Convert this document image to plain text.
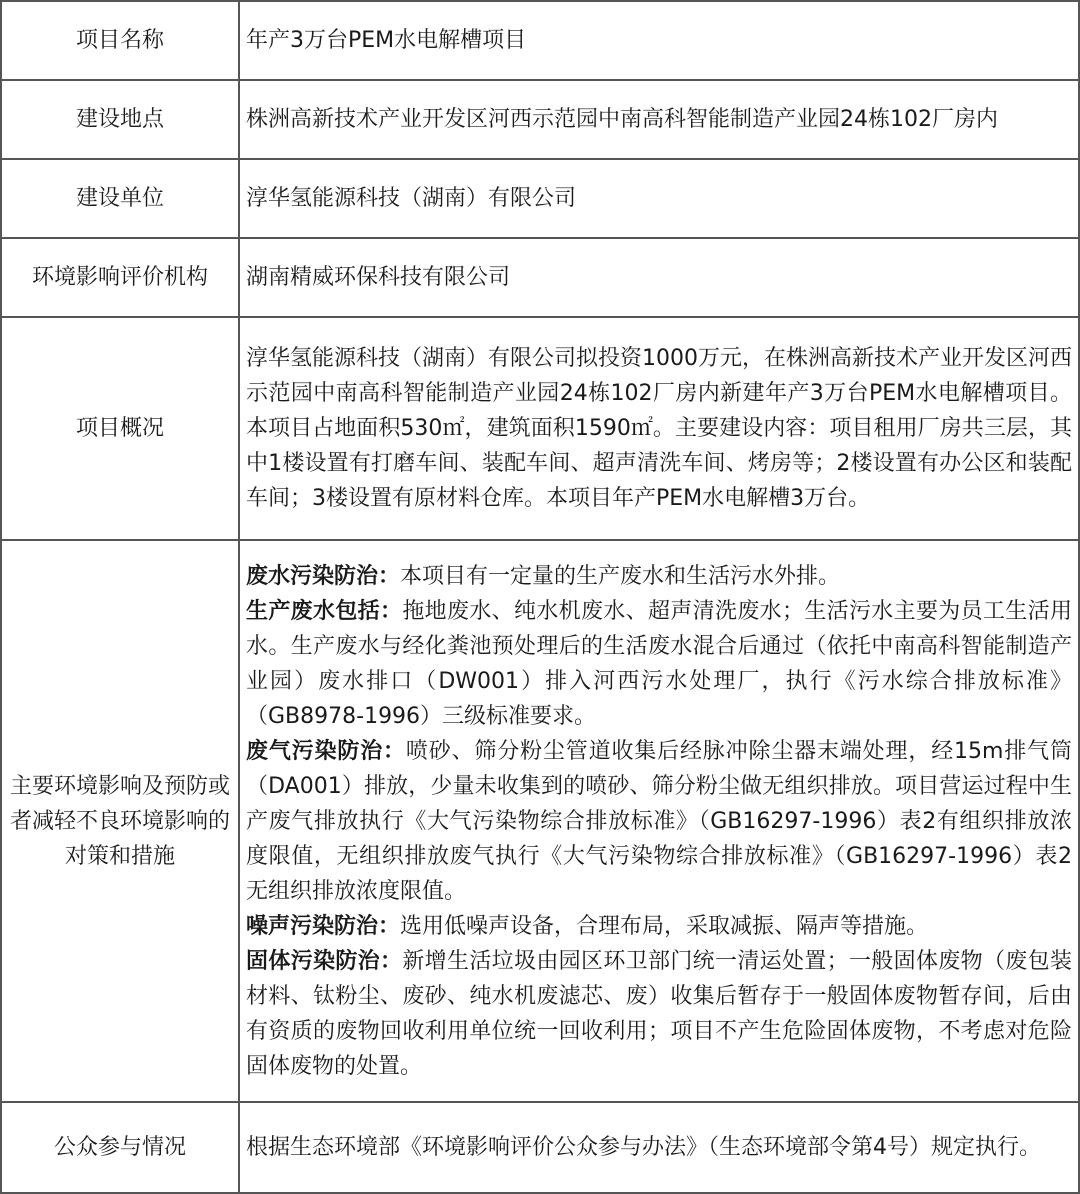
项目名称	年产3万台PEM水电解槽项目
建设地点	株洲高新技术产业开发区河西示范园中南高科智能制造产业园24栋102厂房内
建设单位	淳华氢能源科技（湖南）有限公司
环境影响评价机构	湖南精威环保科技有限公司
项目概况	淳华氢能源科技（湖南）有限公司拟投资1000万元，在株洲高新技术产业开发区河西示范园中南高科智能制造产业园24栋102厂房内新建年产3万台PEM水电解槽项目。本项目占地面积530㎡，建筑面积1590㎡。主要建设内容：项目租用厂房共三层，其中1楼设置有打磨车间、装配车间、超声清洗车间、烤房等；2楼设置有办公区和装配车间；3楼设置有原材料仓库。本项目年产PEM水电解槽3万台。
主要环境影响及预防或者减轻不良环境影响的对策和措施	废水污染防治：本项目有一定量的生产废水和生活污水外排。
生产废水包括：拖地废水、纯水机废水、超声清洗废水；生活污水主要为员工生活用水。生产废水与经化粪池预处理后的生活废水混合后通过（依托中南高科智能制造产业园）废水排口（DW001）排入河西污水处理厂，执行《污水综合排放标准》（GB8978-1996）三级标准要求。
废气污染防治：喷砂、筛分粉尘管道收集后经脉冲除尘器末端处理，经15m排气筒（DA001）排放，少量未收集到的喷砂、筛分粉尘做无组织排放。项目营运过程中生产废气排放执行《大气污染物综合排放标准》（GB16297-1996）表2有组织排放浓度限值，无组织排放废气执行《大气污染物综合排放标准》（GB16297-1996）表2无组织排放浓度限值。
噪声污染防治：选用低噪声设备，合理布局，采取减振、隔声等措施。
固体污染防治：新增生活垃圾由园区环卫部门统一清运处置；一般固体废物（废包装材料、钛粉尘、废砂、纯水机废滤芯、废）收集后暂存于一般固体废物暂存间，后由有资质的废物回收利用单位统一回收利用；项目不产生危险固体废物，不考虑对危险固体废物的处置。

公众参与情况	根据生态环境部《环境影响评价公众参与办法》（生态环境部令第4号）规定执行。
